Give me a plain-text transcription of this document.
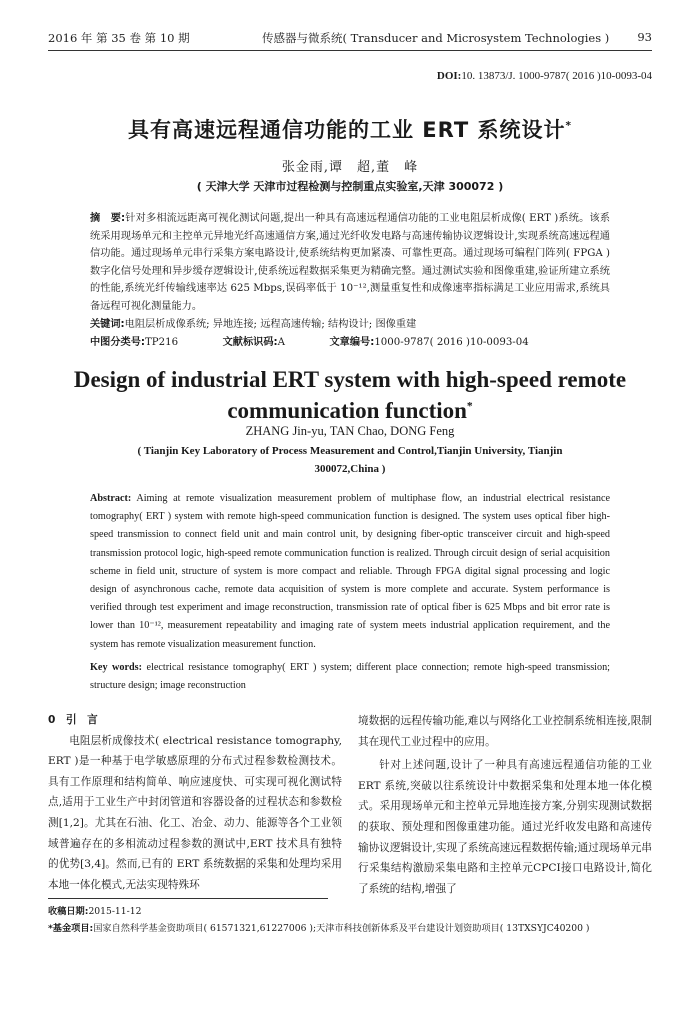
2016 年 第 35 卷 第 10 期	传感器与微系统( Transducer and Microsystem Technologies ) 93
DOI:10. 13873/J. 1000-9787( 2016 )10-0093-04
具有高速远程通信功能的工业 ERT 系统设计*
张金雨,谭　超,董　峰
( 天津大学 天津市过程检测与控制重点实验室,天津 300072 )
摘　要:针对多相流远距离可视化测试问题,提出一种具有高速远程通信功能的工业电阻层析成像( ERT )系统。该系统采用现场单元和主控单元异地光纤高速通信方案,通过光纤收发电路与高速传输协议逻辑设计,实现系统高速远程通信功能。通过现场单元串行采集方案电路设计,使系统结构更加紧凑、可靠性更高。通过现场可编程门阵列( FPGA )数字化信号处理和异步缓存逻辑设计,使系统远程数据采集更为精确完整。通过测试实验和图像重建,验证所建立系统的性能,系统光纤传输线速率达 625 Mbps,误码率低于 10⁻¹²,测量重复性和成像速率指标满足工业应用需求,系统具备远程可视化测量能力。
关键词:电阻层析成像系统; 异地连接; 远程高速传输; 结构设计; 图像重建
中图分类号:TP216	文献标识码:A	文章编号:1000-9787( 2016 )10-0093-04
Design of industrial ERT system with high-speed remote communication function*
ZHANG Jin-yu, TAN Chao, DONG Feng
( Tianjin Key Laboratory of Process Measurement and Control,Tianjin University, Tianjin 300072,China )
Abstract: Aiming at remote visualization measurement problem of multiphase flow, an industrial electrical resistance tomography( ERT ) system with remote high-speed communication function is designed. The system uses optical fiber high-speed transmission to connect field unit and main control unit, by designing fiber-optic transceiver circuit and high-speed transmission protocol logic, high-speed remote communication function is realized. Through circuit design of serial acquisition scheme in field unit, structure of system is more compact and reliable. Through FPGA digital signal processing and logic design of asynchronous cache, remote data acquisition of system is more complete and accurate. System performance is verified through test experiment and image reconstruction, transmission rate of optical fiber is 625 Mbps and bit error rate is lower than 10⁻¹², measurement repeatability and imaging rate of system meets industrial application requirement, and the system has remote visualization measurement function.
Key words: electrical resistance tomography( ERT ) system; different place connection; remote high-speed transmission; structure design; image reconstruction
0　引　言

电阻层析成像技术( electrical resistance tomography, ERT )是一种基于电学敏感原理的分布式过程参数检测技术。具有工作原理和结构简单、响应速度快、可实现可视化测试特点,适用于工业生产中封闭管道和容器设备的过程状态和参数检测[1,2]。尤其在石油、化工、冶金、动力、能源等各个工业领域普遍存在的多相流动过程参数的测试中,ERT 技术具有独特的优势[3,4]。然而,已有的 ERT 系统数据的采集和处理均采用本地一体化模式,无法实现特殊环

境数据的远程传输功能,难以与网络化工业控制系统相连接,限制其在现代工业过程中的应用。

针对上述问题,设计了一种具有高速远程通信功能的工业 ERT 系统,突破以往系统设计中数据采集和处理本地一体化模式。采用现场单元和主控单元异地连接方案,分别实现测试数据的获取、预处理和图像重建功能。通过光纤收发电路和高速传输协议逻辑设计,实现了系统高速远程数据传输;通过现场单元串行采集结构激励采集电路和主控单元CPCI接口电路设计,简化了系统的结构,增强了

收稿日期:2015-11-12
*基金项目:国家自然科学基金资助项目( 61571321,61227006 );天津市科技创新体系及平台建设计划资助项目( 13TXSYJC40200 )
